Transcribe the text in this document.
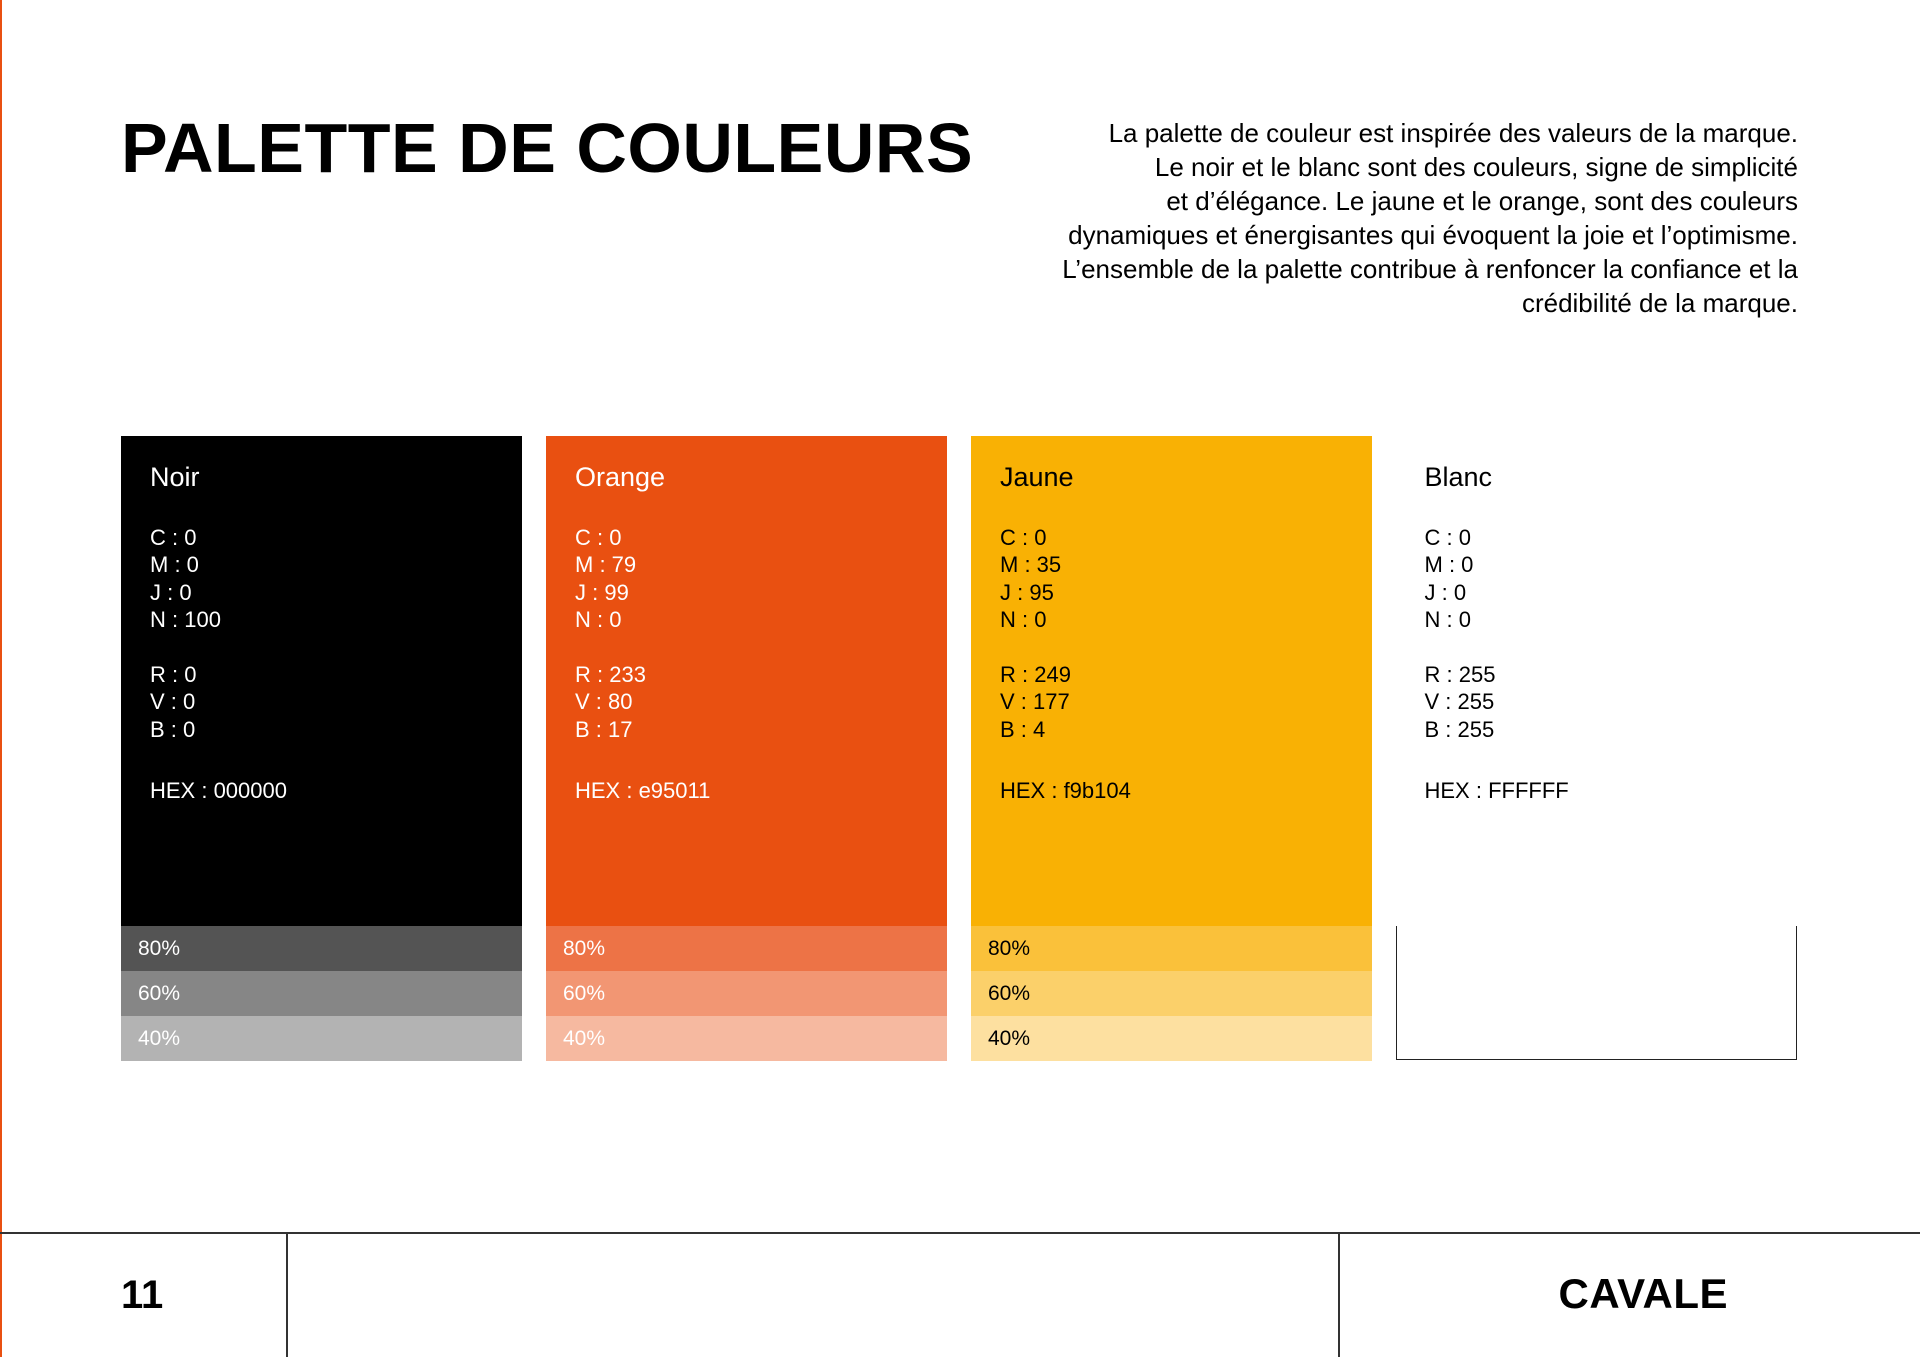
PALETTE DE COULEURS	La palette de couleur est inspirée des valeurs de la marque.
Le noir et le blanc sont des couleurs, signe de simplicité
et d’élégance. Le jaune et le orange, sont des couleurs
dynamiques et énergisantes qui évoquent la joie et l’optimisme.
L’ensemble de la palette contribue à renfoncer la confiance et la
crédibilité de la marque.
Noir
C : 0
M : 0
J : 0
N : 100
R : 0
V : 0
B : 0
HEX : 000000
80%
60%
40%
Orange
C : 0
M : 79
J : 99
N : 0
R : 233
V : 80
B : 17
HEX : e95011
80%
60%
40%
Jaune
C : 0
M : 35
J : 95
N : 0
R : 249
V : 177
B : 4
HEX : f9b104
80%
60%
40%
Blanc
C : 0
M : 0
J : 0
N : 0
R : 255
V : 255
B : 255
HEX : FFFFFF
11	CAVALE
